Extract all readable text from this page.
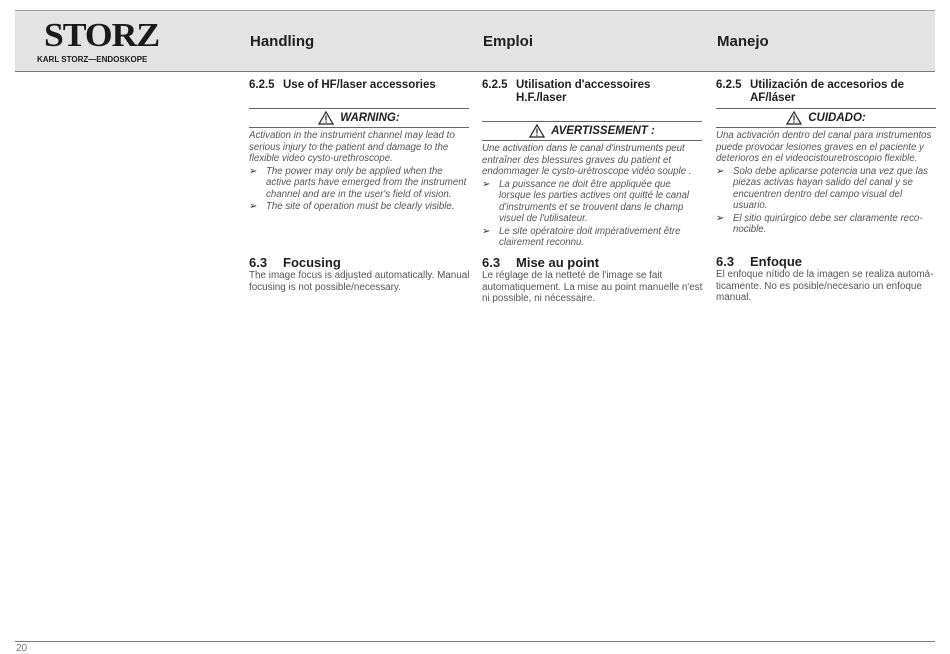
STORZ
KARL STORZ—ENDOSKOPE
Handling	Emploi	Manejo
6.2.5 Use of HF/laser accessories
WARNING:
Activation in the instrument channel may lead to serious injury to the patient and damage to the flexible video cysto-urethroscope.
➢ The power may only be applied when the active parts have emerged from the instrument channel and are in the user's field of vision.
➢ The site of operation must be clearly visible.
6.2.5 Utilisation d'accessoires H.F./laser
AVERTISSEMENT :
Une activation dans le canal d'instruments peut entraîner des blessures graves du patient et endommager le cysto-urétroscope vidéo souple .
➢ La puissance ne doit être appliquée que lorsque les parties actives ont quitté le canal d'instruments et se trouvent dans le champ visuel de l'utilisateur.
➢ Le site opératoire doit impérativement être clairement reconnu.
6.2.5 Utilización de accesorios de AF/láser
CUIDADO:
Una activación dentro del canal para instrumentos puede provocar lesiones graves en el paciente y deterioros en el videocistouretroscopio flexible.
➢ Solo debe aplicarse potencia una vez que las piezas activas hayan salido del canal y se encuentren dentro del campo visual del usuario.
➢ El sitio quirúrgico debe ser claramente reco-nocible.
6.3	Focusing
The image focus is adjusted automatically. Manual focusing is not possible/necessary.
6.3	Mise au point
Le réglage de la netteté de l'image se fait automatiquement. La mise au point manuelle n'est ni possible, ni nécessaire.
6.3	Enfoque
El enfoque nítido de la imagen se realiza automá-ticamente. No es posible/necesario un enfoque manual.
20
